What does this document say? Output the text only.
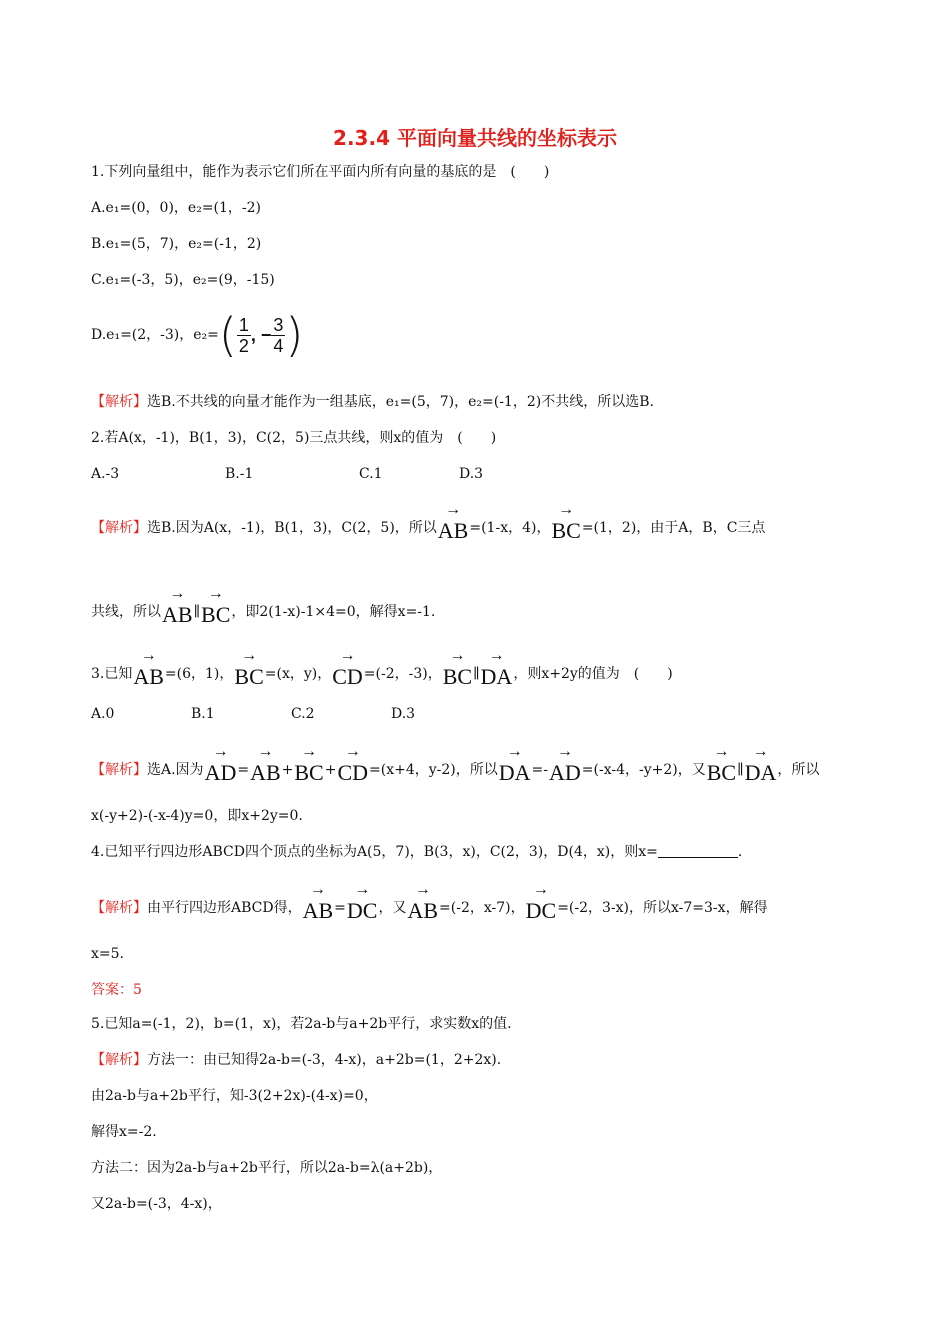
2.3.4 平面向量共线的坐标表示
1.下列向量组中，能作为表示它们所在平面内所有向量的基底的是　(　　)
A.e₁=(0，0)，e₂=(1，-2)
B.e₁=(5，7)，e₂=(-1，2)
C.e₁=(-3，5)，e₂=(9，-15)
D.e₁=(2，-3)，e₂= ( $\frac{1}{2}$ , − $\frac{3}{4}$ )
【解析】选B.不共线的向量才能作为一组基底，e₁=(5，7)，e₂=(-1，2)不共线，所以选B.
2.若A(x，-1)，B(1，3)，C(2，5)三点共线，则x的值为　(　　)
A.-3	B.-1	C.1	D.3
【解析】选B.因为A(x，-1)，B(1，3)，C(2，5)，所以
→
AB=(1-x，4)，
→
BC=(1，2)，由于A，B，C三点
共线，所以
→
AB∥
→
BC，即2(1-x)-1×4=0，解得x=-1.
3.已知
→
AB=(6，1)，
→
BC=(x，y)，
→
CD=(-2，-3)，
→
BC∥
→
DA，则x+2y的值为　(　　)
A.0	B.1	C.2	D.3
【解析】选A.因为
→
AD=
→
AB+
→
BC+
→
CD=(x+4，y-2)，所以
→
DA=-
→
AD=(-x-4，-y+2)，又
→
BC∥
→
DA，所以
x(-y+2)-(-x-4)y=0，即x+2y=0.
4.已知平行四边形ABCD四个顶点的坐标为A(5，7)，B(3，x)，C(2，3)，D(4，x)，则x=	.
【解析】由平行四边形ABCD得，
→
AB=
→
DC，又
→
AB=(-2，x-7)，
→
DC=(-2，3-x)，所以x-7=3-x，解得
x=5.
答案：5
5.已知a=(-1，2)，b=(1，x)，若2a-b与a+2b平行，求实数x的值.
【解析】方法一：由已知得2a-b=(-3，4-x)，a+2b=(1，2+2x).
由2a-b与a+2b平行，知-3(2+2x)-(4-x)=0，
解得x=-2.
方法二：因为2a-b与a+2b平行，所以2a-b=λ(a+2b)，
又2a-b=(-3，4-x)，
